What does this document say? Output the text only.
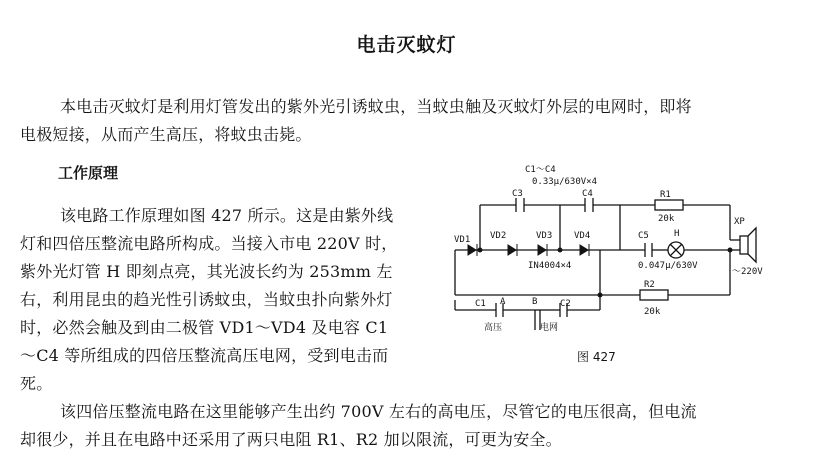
电击灭蚊灯
本电击灭蚊灯是利用灯管发出的紫外光引诱蚊虫，当蚊虫触及灭蚊灯外层的电网时，即将
电极短接，从而产生高压，将蚊虫击毙。
工作原理
该电路工作原理如图 427 所示。这是由紫外线
灯和四倍压整流电路所构成。当接入市电 220V 时，
紫外光灯管 H 即刻点亮，其光波长约为 253mm 左
右，利用昆虫的趋光性引诱蚊虫，当蚊虫扑向紫外灯
时，必然会触及到由二极管 VD1～VD4 及电容 C1
～C4 等所组成的四倍压整流高压电网，受到电击而
死。
该四倍压整流电路在这里能够产生出约 700V 左右的高电压，尽管它的电压很高，但电流
却很少，并且在电路中还采用了两只电阻 R1、R2 加以限流，可更为安全。
C1～C4
0.33μ/630V×4
C3	C4	R1
20k
VD1 VD2	VD3 VD4
IN4004×4
C5
0.047μ/630V
H
XP
～220V
C1	C2
R2
20k
A	B
高压	电网
图 427
